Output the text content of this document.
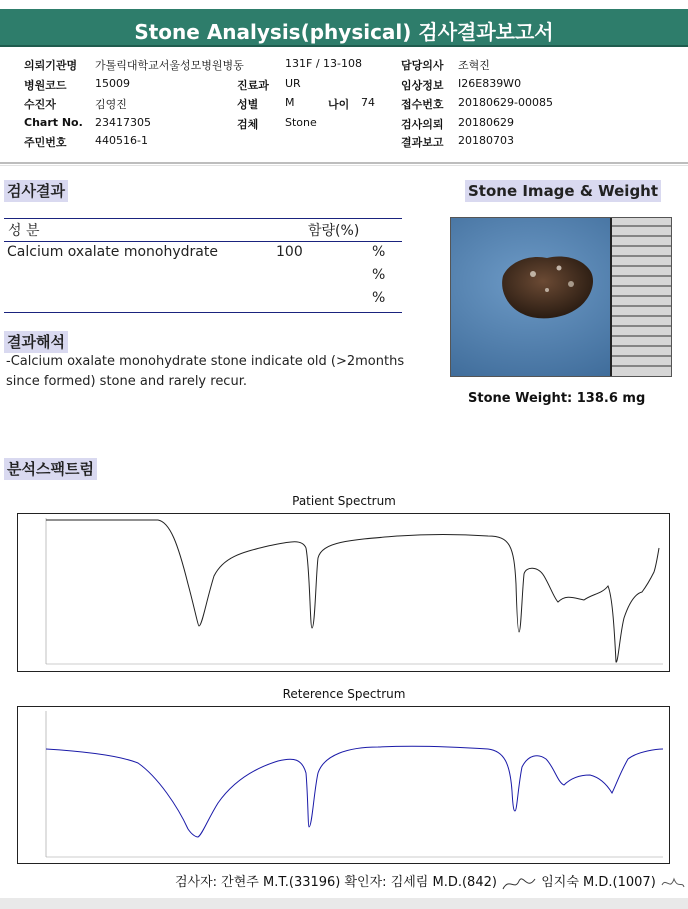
Stone Analysis(physical) 검사결과보고서
의뢰기관명 가톨릭대학교서울성모병원병동	131F / 13-108	담당의사 조혁진
병원코드	15009	진료과 UR	임상정보 I26E839W0
수진자	김영진	성별 M	나이 74 접수번호 20180629-00085
Chart No. 23417305	검체 Stone	검사의뢰 20180629
주민번호	440516-1	결과보고 20180703
검사결과
성 분	함량(%)
Calcium oxalate monohydrate	100	%
%
%
결과해석
-Calcium oxalate monohydrate stone indicate old (>2months since formed) stone and rarely recur.
Stone Image & Weight
Stone Weight: 138.6 mg
분석스팩트럼
Patient Spectrum
Reterence Spectrum
검사자: 간현주 M.T.(33196) 확인자: 김세림 M.D.(842)	임지숙 M.D.(1007)
